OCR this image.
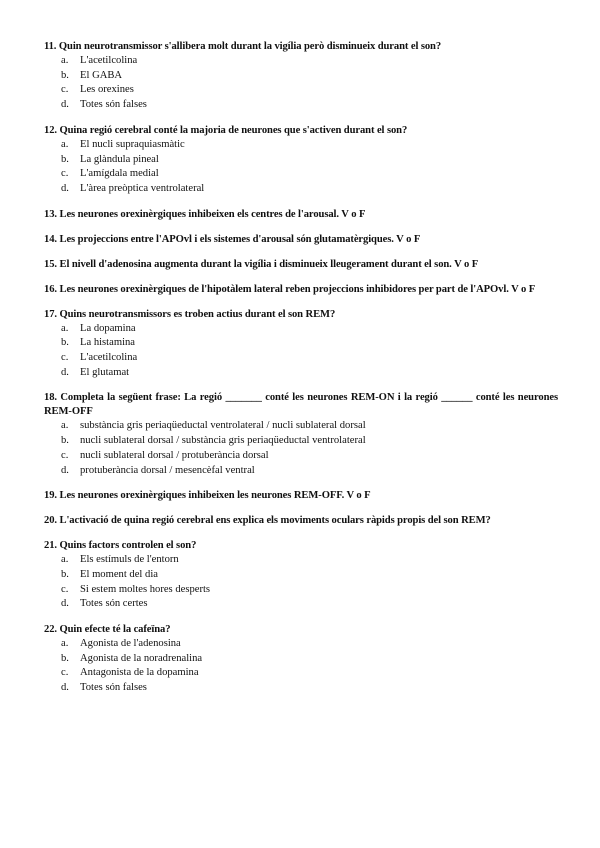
11. Quin neurotransmissor s'allibera molt durant la vigília però disminueix durant el son?
a. L'acetilcolina
b. El GABA
c. Les orexines
d. Totes són falses
12. Quina regió cerebral conté la majoria de neurones que s'activen durant el son?
a. El nucli supraquiasmàtic
b. La glàndula pineal
c. L'amígdala medial
d. L'àrea preòptica ventrolateral
13. Les neurones orexinèrgiques inhibeixen els centres de l'arousal. V o F
14. Les projeccions entre l'APOvl i els sistemes d'arousal són glutamatèrgiques. V o F
15. El nivell d'adenosina augmenta durant la vigília i disminueix lleugerament durant el son. V o F
16. Les neurones orexinèrgiques de l'hipotàlem lateral reben projeccions inhibidores per part de l'APOvl. V o F
17. Quins neurotransmissors es troben actius durant el son REM?
a. La dopamina
b. La histamina
c. L'acetilcolina
d. El glutamat
18. Completa la següent frase: La regió _______ conté les neurones REM-ON i la regió ______ conté les neurones REM-OFF
a. substància gris periaqüeductal ventrolateral / nucli sublateral dorsal
b. nucli sublateral dorsal / substància gris periaqüeductal ventrolateral
c. nucli sublateral dorsal / protuberància dorsal
d. protuberància dorsal / mesencèfal ventral
19. Les neurones orexinèrgiques inhibeixen les neurones REM-OFF. V o F
20. L'activació de quina regió cerebral ens explica els moviments oculars ràpids propis del son REM?
21. Quins factors controlen el son?
a. Els estímuls de l'entorn
b. El moment del dia
c. Si estem moltes hores desperts
d. Totes són certes
22. Quin efecte té la cafeïna?
a. Agonista de l'adenosina
b. Agonista de la noradrenalina
c. Antagonista de la dopamina
d. Totes són falses
